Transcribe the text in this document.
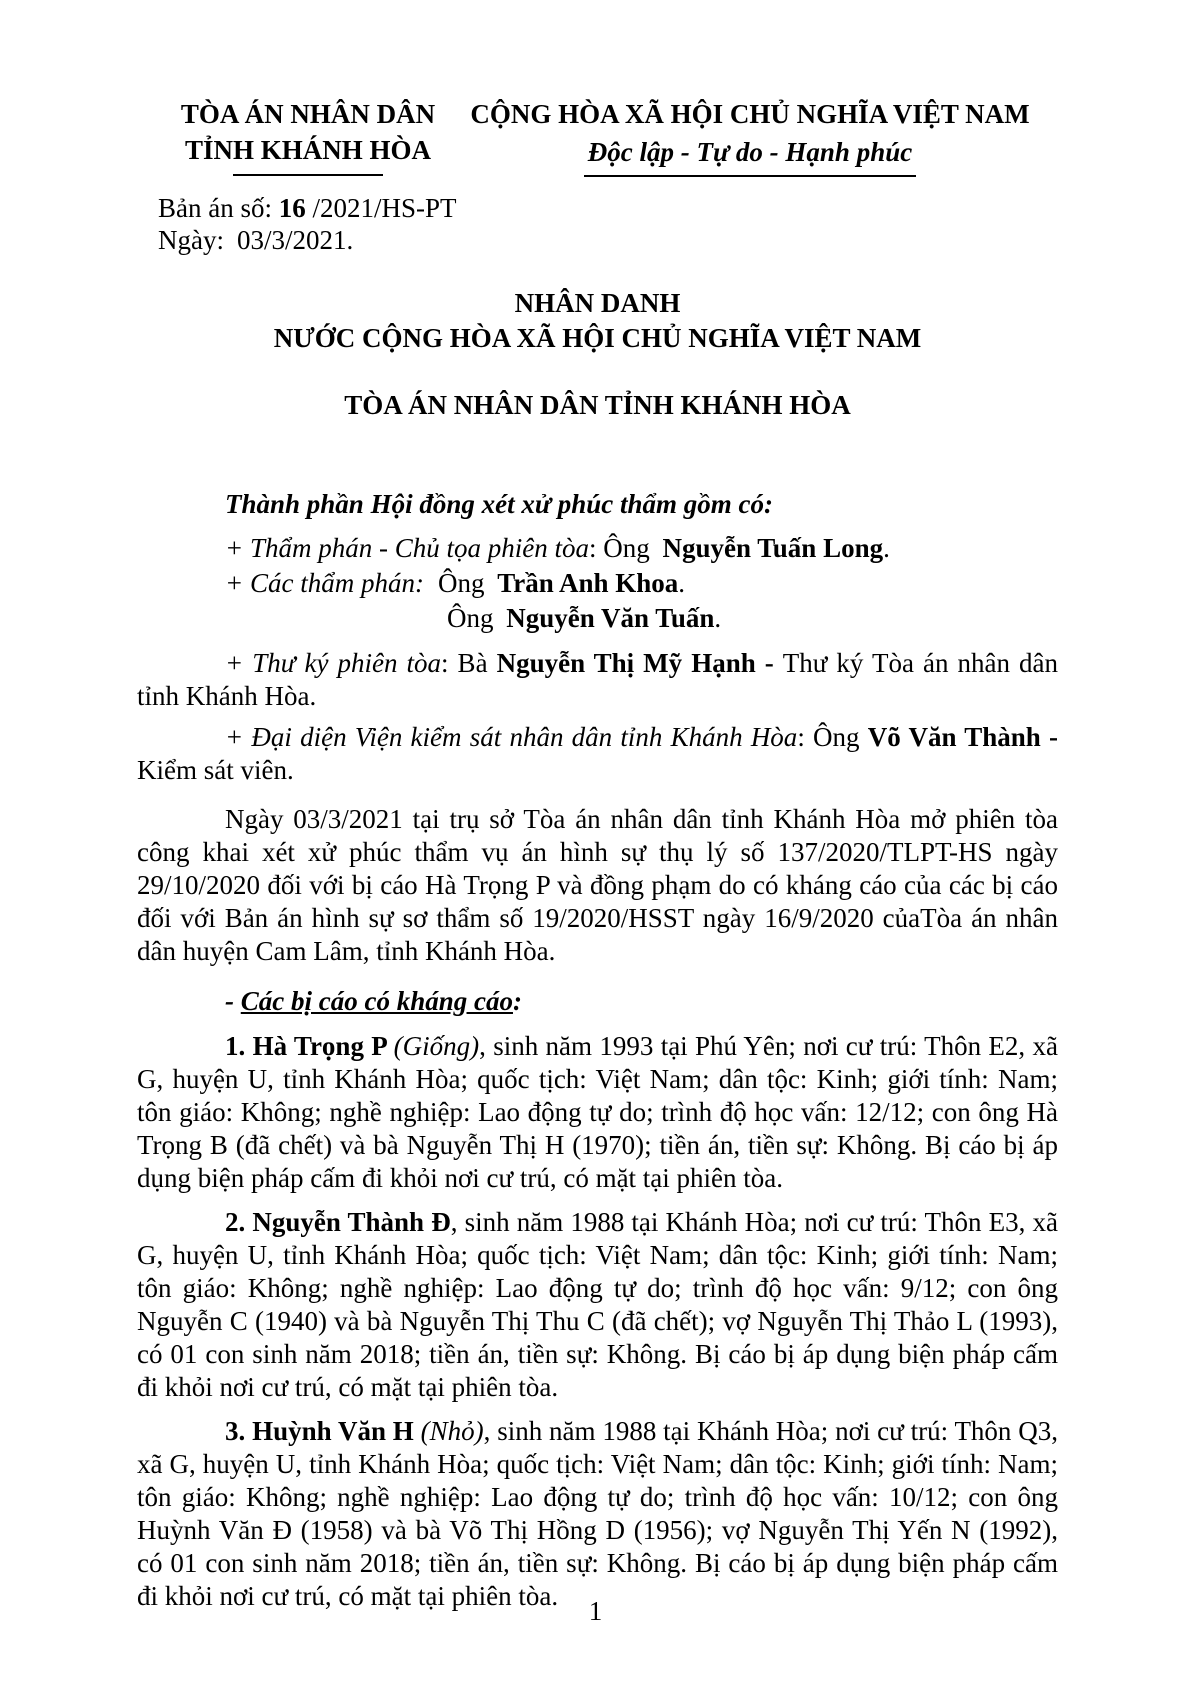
TÒA ÁN NHÂN DÂN
TỈNH KHÁNH HÒA
Bản án số: 16 /2021/HS-PT
Ngày: 03/3/2021.
CỘNG HÒA XÃ HỘI CHỦ NGHĨA VIỆT NAM
Độc lập - Tự do - Hạnh phúc
NHÂN DANH
NƯỚC CỘNG HÒA XÃ HỘI CHỦ NGHĨA VIỆT NAM
TÒA ÁN NHÂN DÂN TỈNH KHÁNH HÒA

Thành phần Hội đồng xét xử phúc thẩm gồm có:

+ Thẩm phán - Chủ tọa phiên tòa: Ông Nguyễn Tuấn Long.

+ Các thẩm phán: Ông Trần Anh Khoa.

Ông Nguyễn Văn Tuấn.

+ Thư ký phiên tòa: Bà Nguyễn Thị Mỹ Hạnh - Thư ký Tòa án nhân dân tỉnh Khánh Hòa.

+ Đại diện Viện kiểm sát nhân dân tỉnh Khánh Hòa: Ông Võ Văn Thành - Kiểm sát viên.

Ngày 03/3/2021 tại trụ sở Tòa án nhân dân tỉnh Khánh Hòa mở phiên tòa công khai xét xử phúc thẩm vụ án hình sự thụ lý số 137/2020/TLPT-HS ngày 29/10/2020 đối với bị cáo Hà Trọng P và đồng phạm do có kháng cáo của các bị cáo đối với Bản án hình sự sơ thẩm số 19/2020/HSST ngày 16/9/2020 củaTòa án nhân dân huyện Cam Lâm, tỉnh Khánh Hòa.

- Các bị cáo có kháng cáo:

1. Hà Trọng P (Giống), sinh năm 1993 tại Phú Yên; nơi cư trú: Thôn E2, xã G, huyện U, tỉnh Khánh Hòa; quốc tịch: Việt Nam; dân tộc: Kinh; giới tính: Nam; tôn giáo: Không; nghề nghiệp: Lao động tự do; trình độ học vấn: 12/12; con ông Hà Trọng B (đã chết) và bà Nguyễn Thị H (1970); tiền án, tiền sự: Không. Bị cáo bị áp dụng biện pháp cấm đi khỏi nơi cư trú, có mặt tại phiên tòa.

2. Nguyễn Thành Đ, sinh năm 1988 tại Khánh Hòa; nơi cư trú: Thôn E3, xã G, huyện U, tỉnh Khánh Hòa; quốc tịch: Việt Nam; dân tộc: Kinh; giới tính: Nam; tôn giáo: Không; nghề nghiệp: Lao động tự do; trình độ học vấn: 9/12; con ông Nguyễn C (1940) và bà Nguyễn Thị Thu C (đã chết); vợ Nguyễn Thị Thảo L (1993), có 01 con sinh năm 2018; tiền án, tiền sự: Không. Bị cáo bị áp dụng biện pháp cấm đi khỏi nơi cư trú, có mặt tại phiên tòa.

3. Huỳnh Văn H (Nhỏ), sinh năm 1988 tại Khánh Hòa; nơi cư trú: Thôn Q3, xã G, huyện U, tỉnh Khánh Hòa; quốc tịch: Việt Nam; dân tộc: Kinh; giới tính: Nam; tôn giáo: Không; nghề nghiệp: Lao động tự do; trình độ học vấn: 10/12; con ông Huỳnh Văn Đ (1958) và bà Võ Thị Hồng D (1956); vợ Nguyễn Thị Yến N (1992), có 01 con sinh năm 2018; tiền án, tiền sự: Không. Bị cáo bị áp dụng biện pháp cấm đi khỏi nơi cư trú, có mặt tại phiên tòa.	1
